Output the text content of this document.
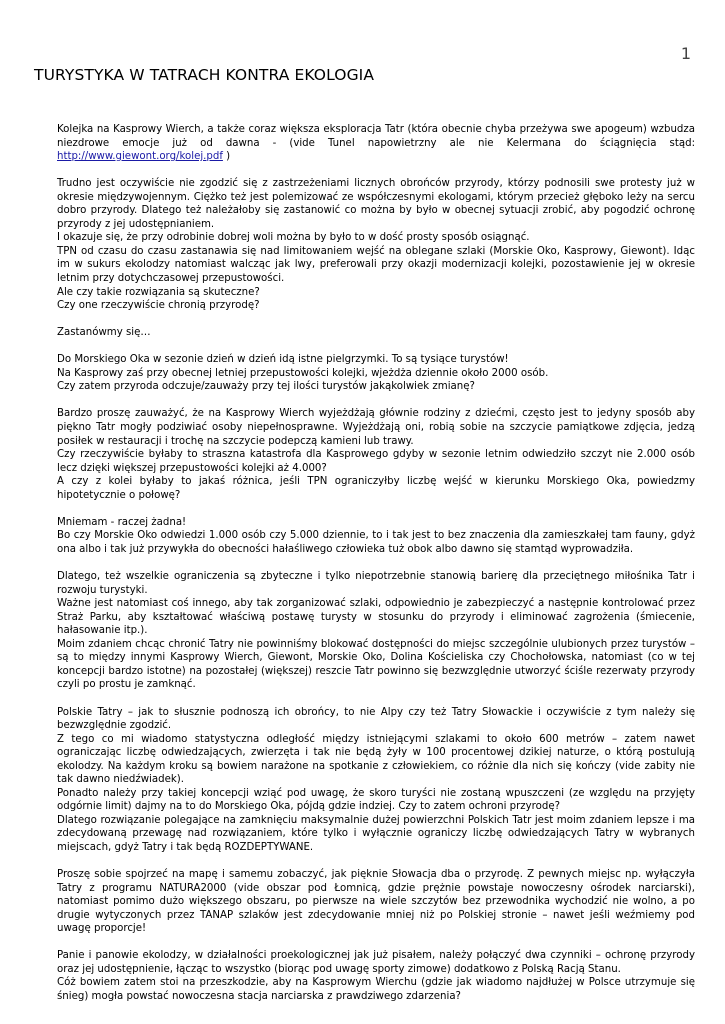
1
TURYSTYKA W TATRACH KONTRA EKOLOGIA

Kolejka na Kasprowy Wierch, a także coraz większa eksploracja Tatr (która obecnie chyba przeżywa swe apogeum) wzbudza niezdrowe emocje już od dawna - (vide Tunel napowietrzny ale nie Kelermana do ściągnięcia stąd: http://www.giewont.org/kolej.pdf )

Trudno jest oczywiście nie zgodzić się z zastrzeżeniami licznych obrońców przyrody, którzy podnosili swe protesty już w okresie międzywojennym. Ciężko też jest polemizować ze współczesnymi ekologami, którym przecież głęboko leży na sercu dobro przyrody. Dlatego też należałoby się zastanowić co można by było w obecnej sytuacji zrobić, aby pogodzić ochronę przyrody z jej udostępnianiem.

I okazuje się, że przy odrobinie dobrej woli można by było to w dość prosty sposób osiągnąć.

TPN od czasu do czasu zastanawia się nad limitowaniem wejść na oblegane szlaki (Morskie Oko, Kasprowy, Giewont). Idąc im w sukurs ekolodzy natomiast walcząc jak lwy, preferowali przy okazji modernizacji kolejki, pozostawienie jej w okresie letnim przy dotychczasowej przepustowości.

Ale czy takie rozwiązania są skuteczne?

Czy one rzeczywiście chronią przyrodę?

Zastanówmy się…

Do Morskiego Oka w sezonie dzień w dzień idą istne pielgrzymki. To są tysiące turystów!

Na Kasprowy zaś przy obecnej letniej przepustowości kolejki, wjeżdża dziennie około 2000 osób.

Czy zatem przyroda odczuje/zauważy przy tej ilości turystów jakąkolwiek zmianę?

Bardzo proszę zauważyć, że na Kasprowy Wierch wyjeżdżają głównie rodziny z dziećmi, często jest to jedyny sposób aby piękno Tatr mogły podziwiać osoby niepełnosprawne. Wyjeżdżają oni, robią sobie na szczycie pamiątkowe zdjęcia, jedzą posiłek w restauracji i trochę na szczycie podepczą kamieni lub trawy.

Czy rzeczywiście byłaby to straszna katastrofa dla Kasprowego gdyby w sezonie letnim odwiedziło szczyt nie 2.000 osób lecz dzięki większej przepustowości kolejki aż 4.000?

A czy z kolei byłaby to jakaś różnica, jeśli TPN ograniczyłby liczbę wejść w kierunku Morskiego Oka, powiedzmy hipotetycznie o połowę?

Mniemam - raczej żadna!

Bo czy Morskie Oko odwiedzi 1.000 osób czy 5.000 dziennie, to i tak jest to bez znaczenia dla zamieszkałej tam fauny, gdyż ona albo i tak już przywykła do obecności hałaśliwego człowieka tuż obok albo dawno się stamtąd wyprowadziła.

Dlatego, też wszelkie ograniczenia są zbyteczne i tylko niepotrzebnie stanowią barierę dla przeciętnego miłośnika Tatr i rozwoju turystyki.

Ważne jest natomiast coś innego, aby tak zorganizować szlaki, odpowiednio je zabezpieczyć a następnie kontrolować przez Straż Parku, aby kształtować właściwą postawę turysty w stosunku do przyrody i eliminować zagrożenia (śmiecenie, hałasowanie itp.).

Moim zdaniem chcąc chronić Tatry nie powinniśmy blokować dostępności do miejsc szczególnie ulubionych przez turystów – są to między innymi Kasprowy Wierch, Giewont, Morskie Oko, Dolina Kościeliska czy Chochołowska, natomiast (co w tej koncepcji bardzo istotne) na pozostałej (większej) reszcie Tatr powinno się bezwzględnie utworzyć ściśle rezerwaty przyrody czyli po prostu je zamknąć.

Polskie Tatry – jak to słusznie podnoszą ich obrońcy, to nie Alpy czy też Tatry Słowackie i oczywiście z tym należy się bezwzględnie zgodzić.

Z tego co mi wiadomo statystyczna odległość między istniejącymi szlakami to około 600 metrów – zatem nawet ograniczając liczbę odwiedzających, zwierzęta i tak nie będą żyły w 100 procentowej dzikiej naturze, o którą postulują ekolodzy. Na każdym kroku są bowiem narażone na spotkanie z człowiekiem, co różnie dla nich się kończy (vide zabity nie tak dawno niedźwiadek).

Ponadto należy przy takiej koncepcji wziąć pod uwagę, że skoro turyści nie zostaną wpuszczeni (ze względu na przyjęty odgórnie limit) dajmy na to do Morskiego Oka, pójdą gdzie indziej. Czy to zatem ochroni przyrodę?

Dlatego rozwiązanie polegające na zamknięciu maksymalnie dużej powierzchni Polskich Tatr jest moim zdaniem lepsze i ma zdecydowaną przewagę nad rozwiązaniem, które tylko i wyłącznie ograniczy liczbę odwiedzających Tatry w wybranych miejscach, gdyż Tatry i tak będą ROZDEPTYWANE.

Proszę sobie spojrzeć na mapę i samemu zobaczyć, jak pięknie Słowacja dba o przyrodę. Z pewnych miejsc np. wyłączyła Tatry z programu NATURA2000 (vide obszar pod Łomnicą, gdzie prężnie powstaje nowoczesny ośrodek narciarski), natomiast pomimo dużo większego obszaru, po pierwsze na wiele szczytów bez przewodnika wychodzić nie wolno, a po drugie wytyczonych przez TANAP szlaków jest zdecydowanie mniej niż po Polskiej stronie – nawet jeśli weźmiemy pod uwagę proporcje!

Panie i panowie ekolodzy, w działalności proekologicznej jak już pisałem, należy połączyć dwa czynniki – ochronę przyrody oraz jej udostępnienie, łącząc to wszystko (biorąc pod uwagę sporty zimowe) dodatkowo z Polską Racją Stanu.

Cóż bowiem zatem stoi na przeszkodzie, aby na Kasprowym Wierchu (gdzie jak wiadomo najdłużej w Polsce utrzymuje się śnieg) mogła powstać nowoczesna stacja narciarska z prawdziwego zdarzenia?
